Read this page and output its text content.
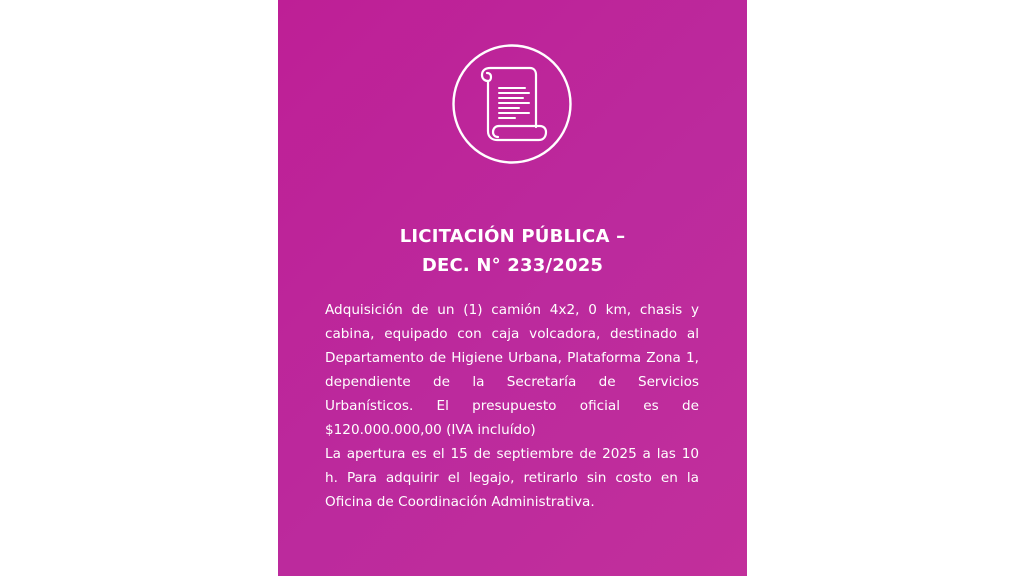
LICITACIÓN PÚBLICA –
DEC. N° 233/2025

Adquisición de un (1) camión 4x2, 0 km, chasis y cabina, equipado con caja volcadora, destinado al Departamento de Higiene Urbana, Plataforma Zona 1, dependiente de la Secretaría de Servicios Urbanísticos. El presupuesto oficial es de $120.000.000,00 (IVA incluído)

La apertura es el 15 de septiembre de 2025 a las 10 h. Para adquirir el legajo, retirarlo sin costo en la Oficina de Coordinación Administrativa.
